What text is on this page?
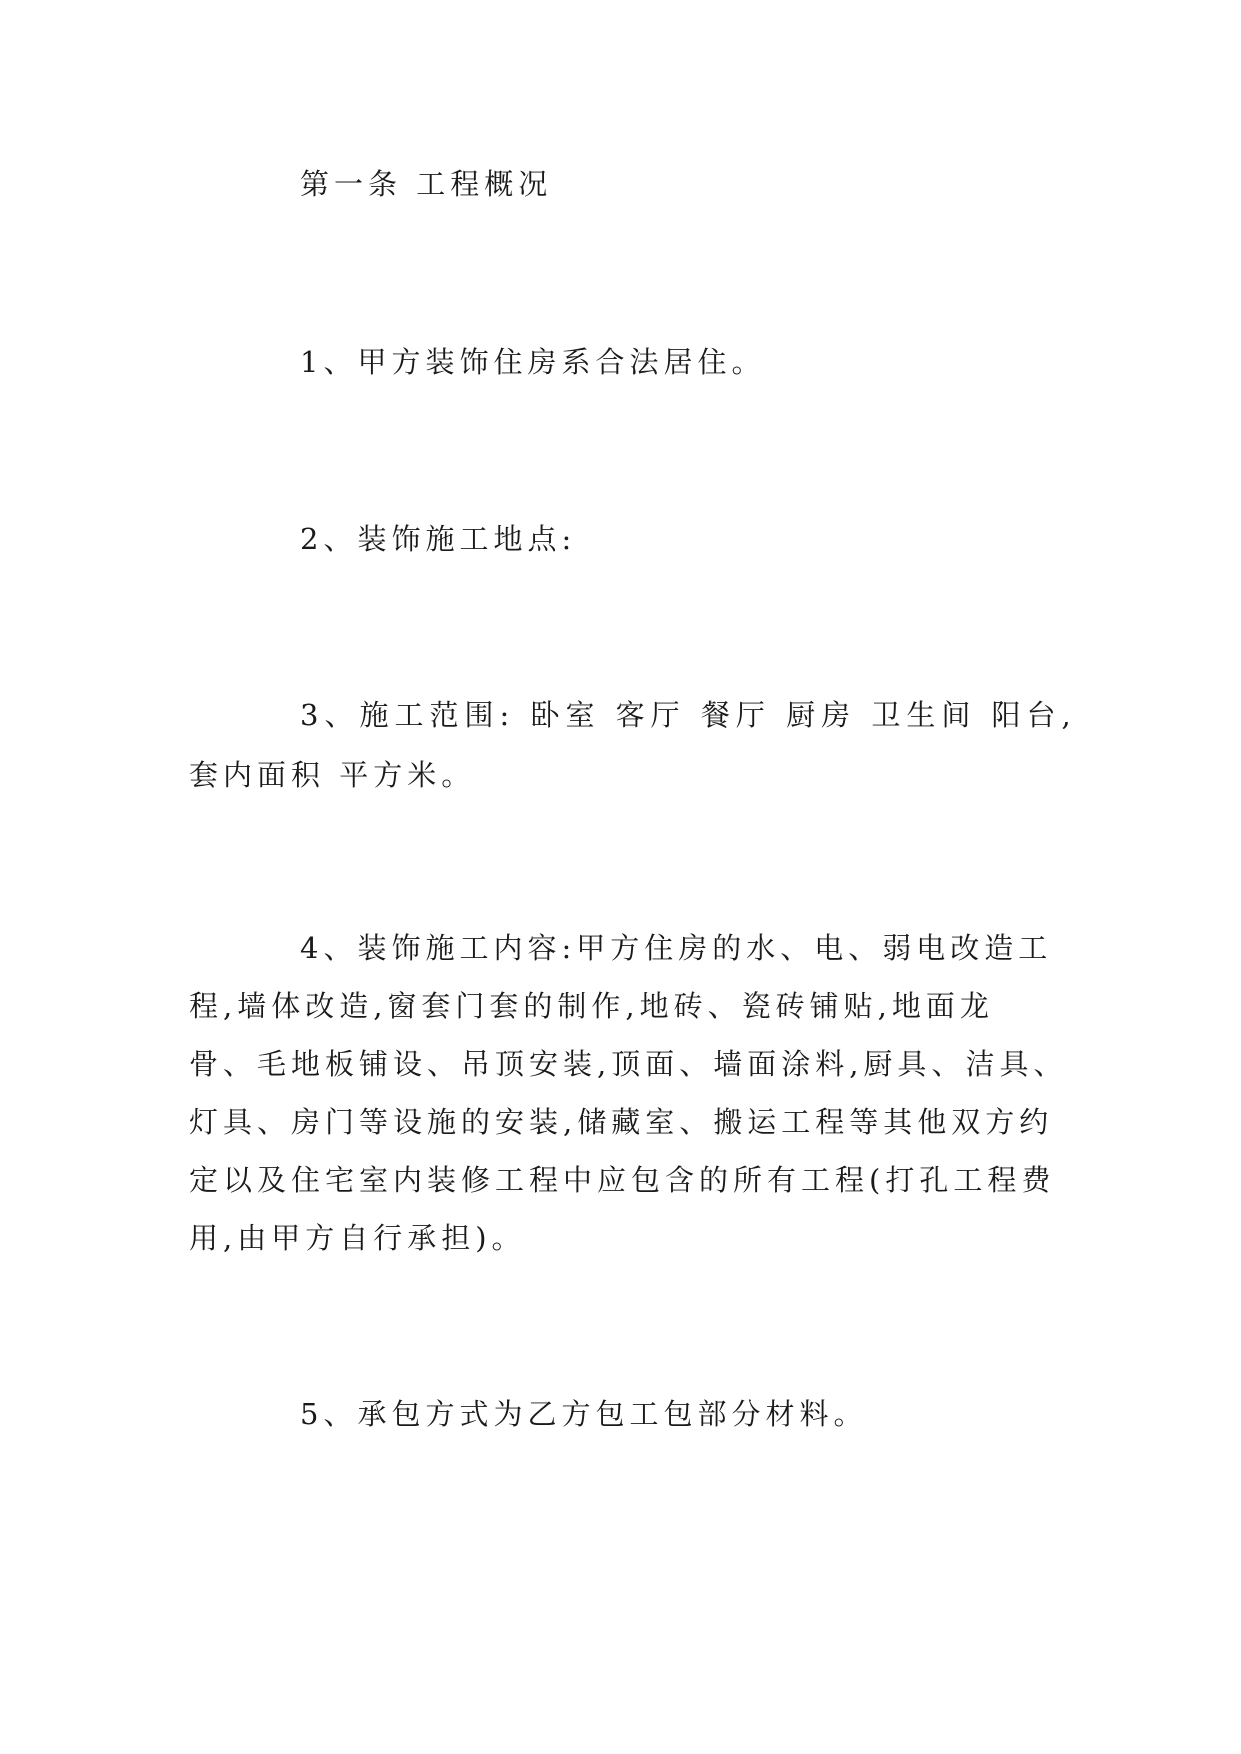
第一条 工程概况
1、甲方装饰住房系合法居住。
2、装饰施工地点:
3、施工范围: 卧室 客厅 餐厅 厨房 卫生间 阳台,
套内面积 平方米。
4、装饰施工内容:甲方住房的水、电、弱电改造工
程,墙体改造,窗套门套的制作,地砖、瓷砖铺贴,地面龙
骨、毛地板铺设、吊顶安装,顶面、墙面涂料,厨具、洁具、
灯具、房门等设施的安装,储藏室、搬运工程等其他双方约
定以及住宅室内装修工程中应包含的所有工程(打孔工程费
用,由甲方自行承担)。
5、承包方式为乙方包工包部分材料。
